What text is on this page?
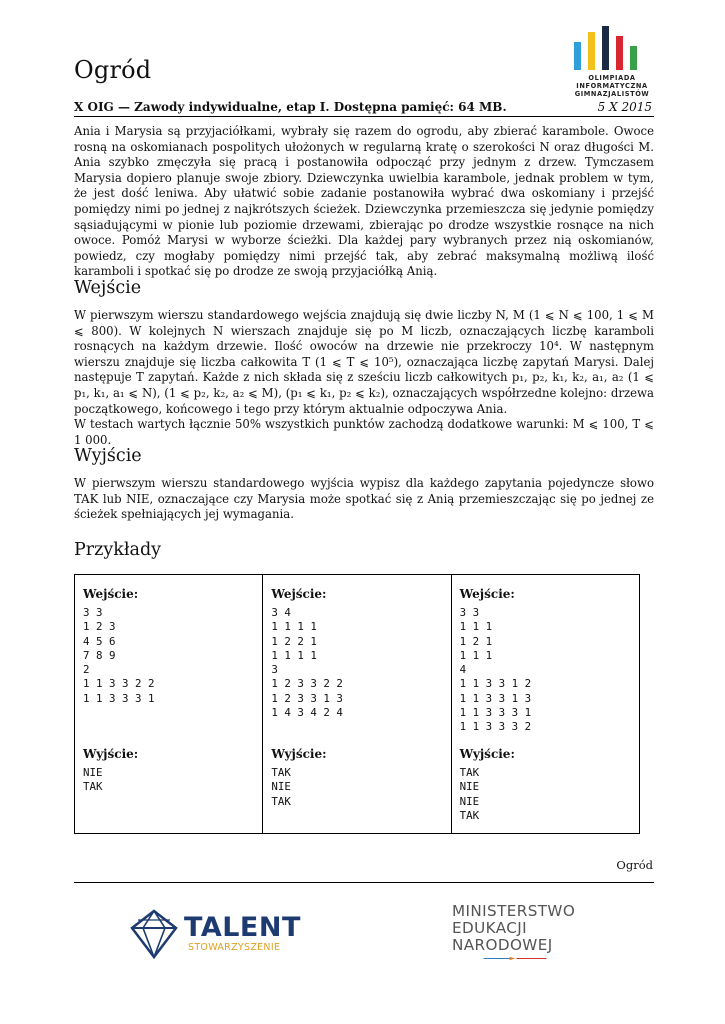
Ogród	OLIMPIADA
INFORMATYCZNA
GIMNAZJALISTÓW
X OIG — Zawody indywidualne, etap I. Dostępna pamięć: 64 MB.	5 X 2015

Ania i Marysia są przyjaciółkami, wybrały się razem do ogrodu, aby zbierać karambole. Owoce rosną na oskomianach pospolitych ułożonych w regularną kratę o szerokości N oraz długości M. Ania szybko zmęczyła się pracą i postanowiła odpocząć przy jednym z drzew. Tymczasem Marysia dopiero planuje swoje zbiory. Dziewczynka uwielbia karambole, jednak problem w tym, że jest dość leniwa. Aby ułatwić sobie zadanie postanowiła wybrać dwa oskomiany i przejść pomiędzy nimi po jednej z najkrótszych ścieżek. Dziewczynka przemieszcza się jedynie pomiędzy sąsiadującymi w pionie lub poziomie drzewami, zbierając po drodze wszystkie rosnące na nich owoce. Pomóż Marysi w wyborze ścieżki. Dla każdej pary wybranych przez nią oskomianów, powiedz, czy mogłaby pomiędzy nimi przejść tak, aby zebrać maksymalną możliwą ilość karamboli i spotkać się po drodze ze swoją przyjaciółką Anią.

Wejście

W pierwszym wierszu standardowego wejścia znajdują się dwie liczby N, M (1 ⩽ N ⩽ 100, 1 ⩽ M ⩽ 800). W kolejnych N wierszach znajduje się po M liczb, oznaczających liczbę karamboli rosnących na każdym drzewie. Ilość owoców na drzewie nie przekroczy 10⁴. W następnym wierszu znajduje się liczba całkowita T (1 ⩽ T ⩽ 10⁵), oznaczająca liczbę zapytań Marysi. Dalej następuje T zapytań. Każde z nich składa się z sześciu liczb całkowitych p₁, p₂, k₁, k₂, a₁, a₂ (1 ⩽ p₁, k₁, a₁ ⩽ N), (1 ⩽ p₂, k₂, a₂ ⩽ M), (p₁ ⩽ k₁, p₂ ⩽ k₂), oznaczających współrzedne kolejno: drzewa początkowego, końcowego i tego przy którym aktualnie odpoczywa Ania.

W testach wartych łącznie 50% wszystkich punktów zachodzą dodatkowe warunki: M ⩽ 100, T ⩽ 1 000.

Wyjście

W pierwszym wierszu standardowego wyjścia wypisz dla każdego zapytania pojedyncze słowo TAK lub NIE, oznaczające czy Marysia może spotkać się z Anią przemieszczając się po jednej ze ścieżek spełniających jej wymagania.

Przykłady
Wejście:
3 3
1 2 3
4 5 6
7 8 9
2
1 1 3 3 2 2
1 1 3 3 3 1
Wyjście:
NIE
TAK
Wejście:
3 4
1 1 1 1
1 2 2 1
1 1 1 1
3
1 2 3 3 2 2
1 2 3 3 1 3
1 4 3 4 2 4
Wyjście:
TAK
NIE
TAK
Wejście:
3 3
1 1 1
1 2 1
1 1 1
4
1 1 3 3 1 2
1 1 3 3 1 3
1 1 3 3 3 1
1 1 3 3 3 2
Wyjście:
TAK
NIE
NIE
TAK
Ogród
TALENT
STOWARZYSZENIE
MINISTERSTWO
EDUKACJI
NARODOWEJ
